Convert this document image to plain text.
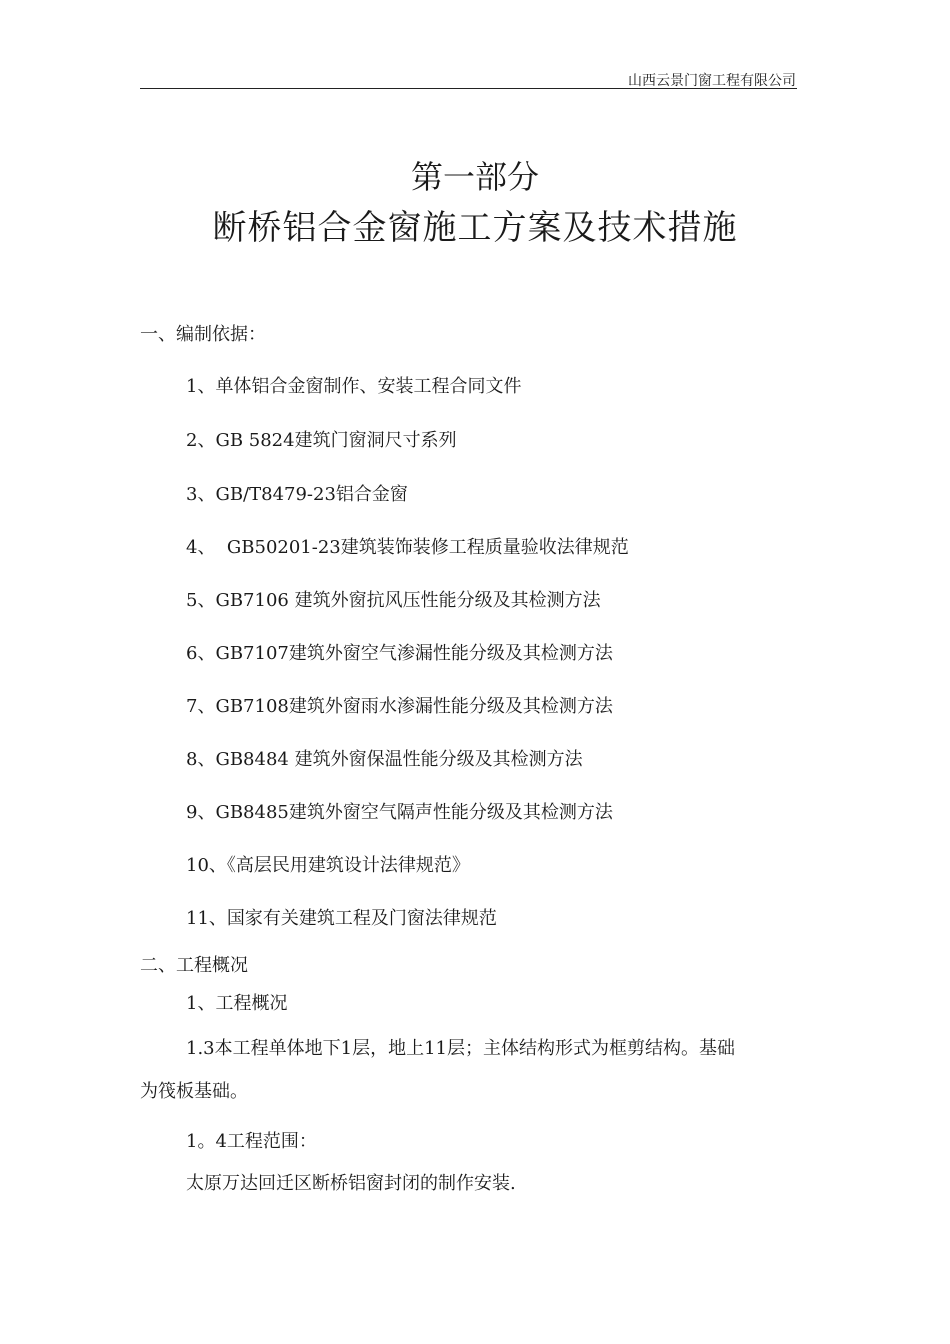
山西云景门窗工程有限公司
第一部分
断桥铝合金窗施工方案及技术措施
一、编制依据：
1、单体铝合金窗制作、安装工程合同文件
2、GB 5824建筑门窗洞尺寸系列
3、GB/T8479-23铝合金窗
4、  GB50201-23建筑装饰装修工程质量验收法律规范
5、GB7106 建筑外窗抗风压性能分级及其检测方法
6、GB7107建筑外窗空气渗漏性能分级及其检测方法
7、GB7108建筑外窗雨水渗漏性能分级及其检测方法
8、GB8484 建筑外窗保温性能分级及其检测方法
9、GB8485建筑外窗空气隔声性能分级及其检测方法
10、《高层民用建筑设计法律规范》
11、国家有关建筑工程及门窗法律规范
二、工程概况
1、工程概况
1.3本工程单体地下1层，地上11层；主体结构形式为框剪结构。基础
为筏板基础。
1。4工程范围：
太原万达回迁区断桥铝窗封闭的制作安装.
